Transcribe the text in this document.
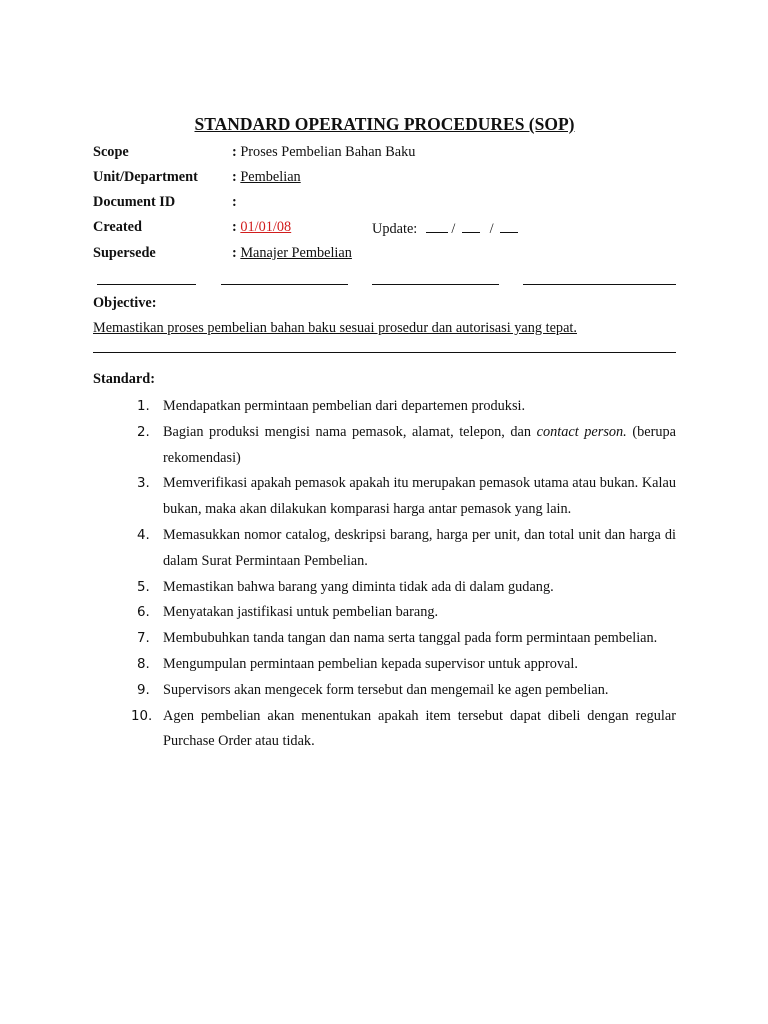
STANDARD OPERATING PROCEDURES (SOP)
Scope	: Proses Pembelian Bahan Baku
Unit/Department : Pembelian
Document ID	:
Created	: 01/01/08	Update: / /
Supersede	: Manajer Pembelian
Objective:
Memastikan proses pembelian bahan baku sesuai prosedur dan autorisasi yang tepat.
Standard:
1. Mendapatkan permintaan pembelian dari departemen produksi.
2. Bagian produksi mengisi nama pemasok, alamat, telepon, dan contact person. (berupa rekomendasi)
3. Memverifikasi apakah pemasok apakah itu merupakan pemasok utama atau bukan. Kalau bukan, maka akan dilakukan komparasi harga antar pemasok yang lain.
4. Memasukkan nomor catalog, deskripsi barang, harga per unit, dan total unit dan harga di dalam Surat Permintaan Pembelian.
5. Memastikan bahwa barang yang diminta tidak ada di dalam gudang.
6. Menyatakan jastifikasi untuk pembelian barang.
7. Membubuhkan tanda tangan dan nama serta tanggal pada form permintaan pembelian.
8. Mengumpulan permintaan pembelian kepada supervisor untuk approval.
9. Supervisors akan mengecek form tersebut dan mengemail ke agen pembelian.
10. Agen pembelian akan menentukan apakah item tersebut dapat dibeli dengan regular Purchase Order atau tidak.
